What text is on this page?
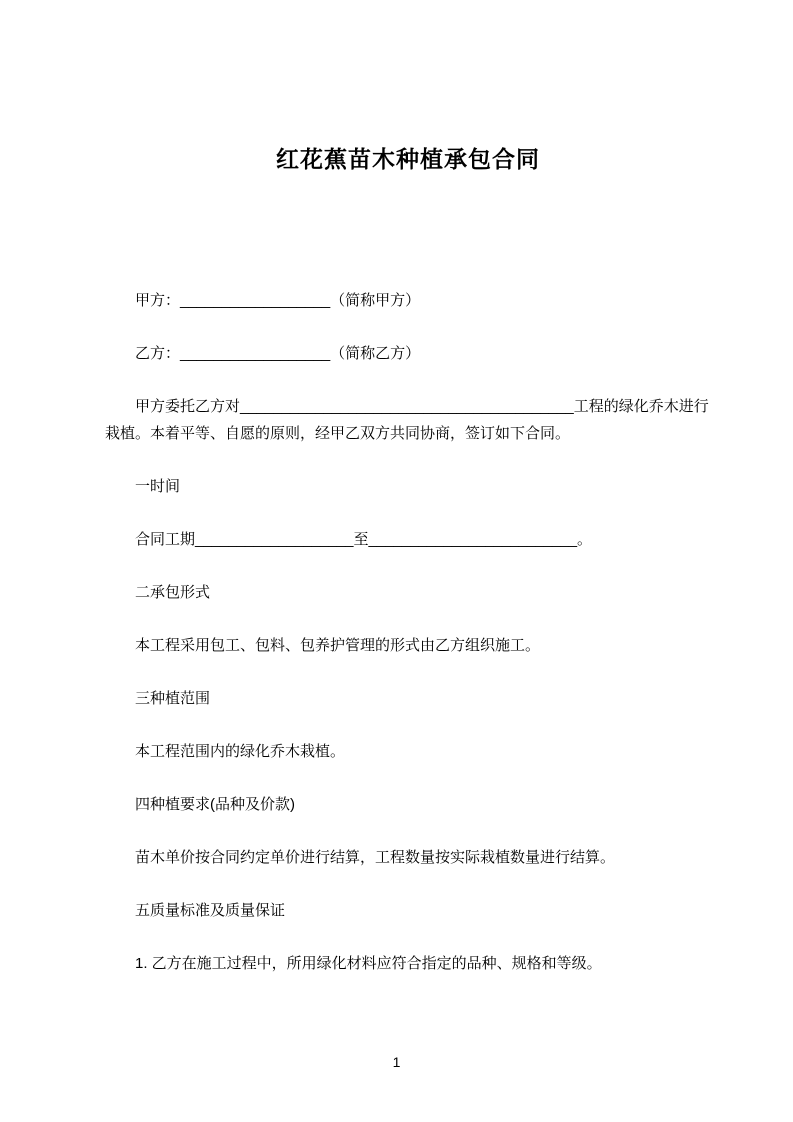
红花蕉苗木种植承包合同

甲方：__________________（简称甲方）

乙方：__________________（简称乙方）

甲方委托乙方对________________________________________工程的绿化乔木进行栽植。本着平等、自愿的原则，经甲乙双方共同协商，签订如下合同。

一时间

合同工期___________________至_________________________。

二承包形式

本工程采用包工、包料、包养护管理的形式由乙方组织施工。

三种植范围

本工程范围内的绿化乔木栽植。

四种植要求(品种及价款)

苗木单价按合同约定单价进行结算，工程数量按实际栽植数量进行结算。

五质量标准及质量保证

1. 乙方在施工过程中，所用绿化材料应符合指定的品种、规格和等级。

1
